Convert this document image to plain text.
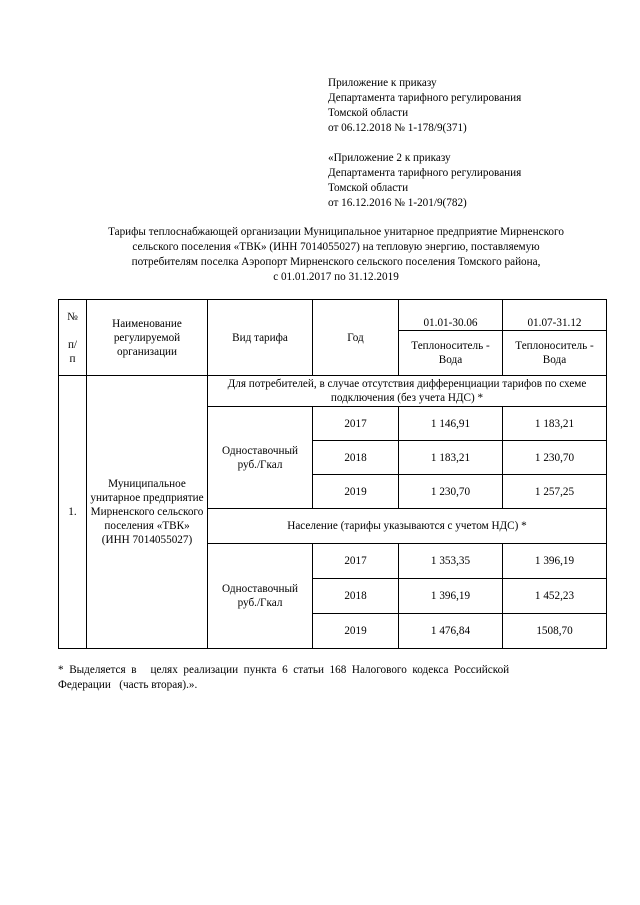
Приложение к приказу
Департамента тарифного регулирования
Томской области
от 06.12.2018 № 1-178/9(371)
«Приложение 2 к приказу
Департамента тарифного регулирования
Томской области
от 16.12.2016 № 1-201/9(782)
Тарифы теплоснабжающей организации Муниципальное унитарное предприятие Мирненского
сельского поселения «ТВК» (ИНН 7014055027) на тепловую энергию, поставляемую
потребителям поселка Аэропорт Мирненского сельского поселения Томского района,
с 01.01.2017 по 31.12.2019
№

п/
п	Наименование регулируемой организации	Вид тарифа	Год	01.01-30.06	01.07-31.12
				Теплоноситель - Вода	Теплоноситель - Вода
1.	Муниципальное унитарное предприятие Мирненского сельского поселения «ТВК» (ИНН 7014055027)	Для потребителей, в случае отсутствия дифференциации тарифов по схеме подключения (без учета НДС) *			
		Одноставочный руб./Гкал	2017	1 146,91	1 183,21
			2018	1 183,21	1 230,70
			2019	1 230,70	1 257,25
		Население (тарифы указываются с учетом НДС) *			
		Одноставочный руб./Гкал	2017	1 353,35	1 396,19
			2018	1 396,19	1 452,23
			2019	1 476,84	1508,70
*  Выделяется  в     целях  реализации  пункта  6  статьи  168  Налогового  кодекса  Российской
Федерации   (часть вторая).».
